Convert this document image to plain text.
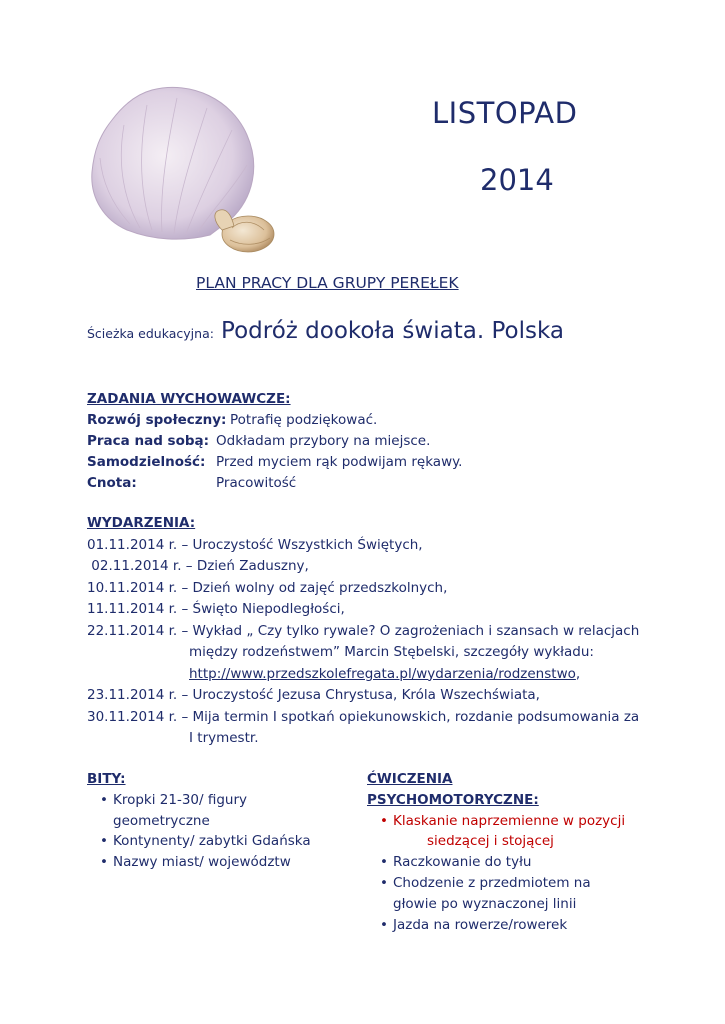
LISTOPAD
2014
PLAN PRACY DLA GRUPY PEREŁEK
Ścieżka edukacyjna: Podróż dookoła świata. Polska
ZADANIA WYCHOWAWCZE:
Rozwój społeczny: Potrafię podziękować.
Praca nad sobą: Odkładam przybory na miejsce.
Samodzielność: Przed myciem rąk podwijam rękawy.
Cnota:	Pracowitość
WYDARZENIA:
01.11.2014 r. – Uroczystość Wszystkich Świętych,
02.11.2014 r. – Dzień Zaduszny,
10.11.2014 r. – Dzień wolny od zajęć przedszkolnych,
11.11.2014 r. – Święto Niepodległości,
22.11.2014 r. – Wykład „ Czy tylko rywale? O zagrożeniach i szansach w relacjach
między rodzeństwem” Marcin Stębelski, szczegóły wykładu:
http://www.przedszkolefregata.pl/wydarzenia/rodzenstwo,
23.11.2014 r. – Uroczystość Jezusa Chrystusa, Króla Wszechświata,
30.11.2014 r. – Mija termin I spotkań opiekunowskich, rozdanie podsumowania za
I trymestr.
BITY:
• Kropki 21-30/ figury
geometryczne
• Kontynenty/ zabytki Gdańska
• Nazwy miast/ województw
ĆWICZENIA
PSYCHOMOTORYCZNE:
• Klaskanie naprzemienne w pozycji
siedzącej i stojącej
• Raczkowanie do tyłu
• Chodzenie z przedmiotem na
głowie po wyznaczonej linii
• Jazda na rowerze/rowerek
